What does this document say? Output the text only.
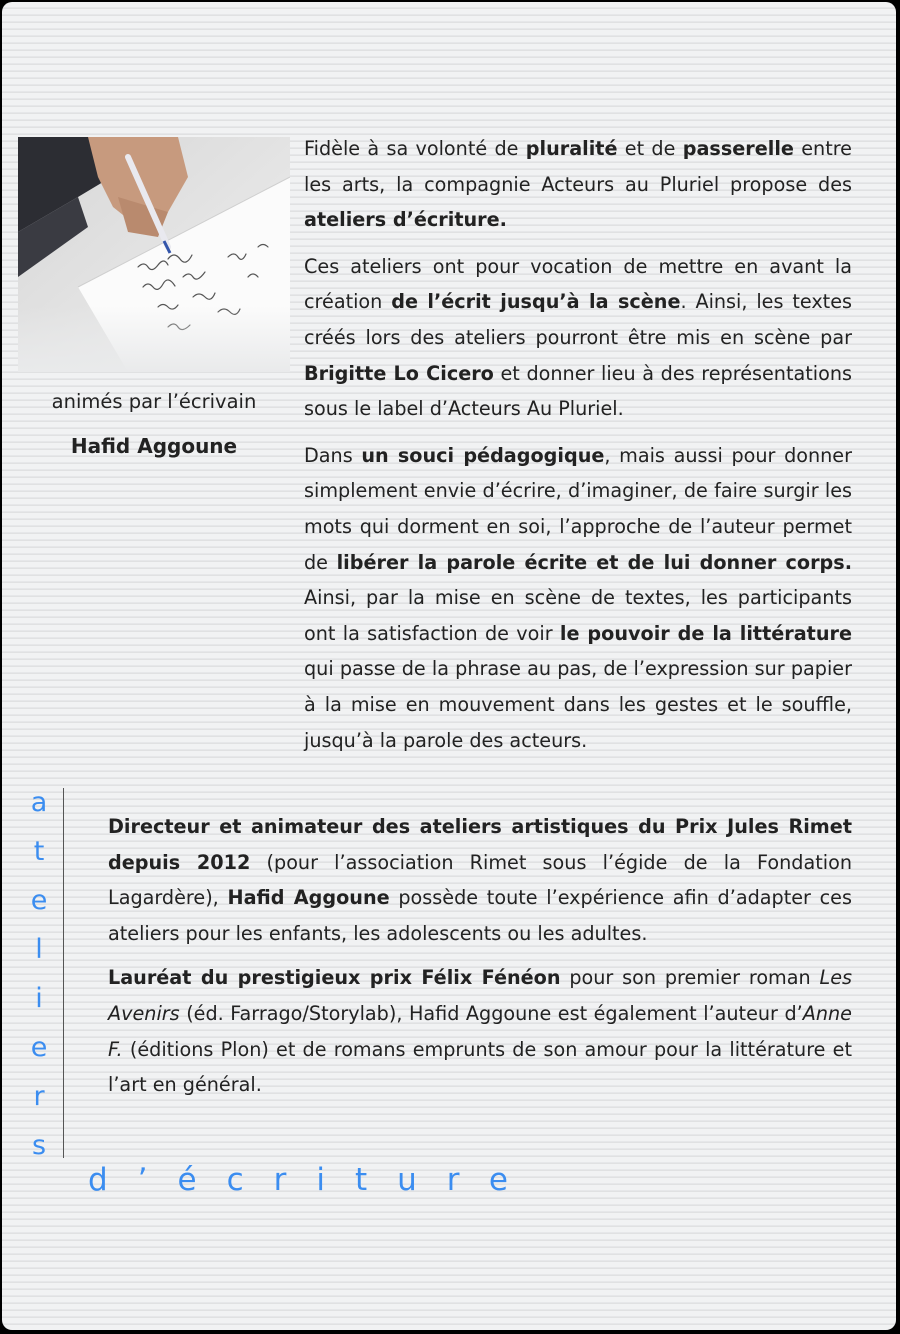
animés par l’écrivain
Hafid Aggoune

Fidèle à sa volonté de pluralité et de passerelle entre les arts, la compagnie Acteurs au Pluriel propose des ateliers d’écriture.

Ces ateliers ont pour vocation de mettre en avant la création de l’écrit jusqu’à la scène. Ainsi, les textes créés lors des ateliers pourront être mis en scène par Brigitte Lo Cicero et donner lieu à des représentations sous le label d’Acteurs Au Pluriel.

Dans un souci pédagogique, mais aussi pour donner simplement envie d’écrire, d’imaginer, de faire surgir les mots qui dorment en soi, l’approche de l’auteur permet de libérer la parole écrite et de lui donner corps. Ainsi, par la mise en scène de textes, les participants ont la satisfaction de voir le pouvoir de la littérature qui passe de la phrase au pas, de l’expression sur papier à la mise en mouvement dans les gestes et le souffle, jusqu’à la parole des acteurs.

a
t
e
l
i
e
r
s

Directeur et animateur des ateliers artistiques du Prix Jules Rimet depuis 2012 (pour l’association Rimet sous l’égide de la Fondation Lagardère), Hafid Aggoune possède toute l’expérience afin d’adapter ces ateliers pour les enfants, les adolescents ou les adultes.

Lauréat du prestigieux prix Félix Fénéon pour son premier roman Les Avenirs (éd. Farrago/Storylab), Hafid Aggoune est également l’auteur d’Anne F. (éditions Plon) et de romans emprunts de son amour pour la littérature et l’art en général.

d’écriture
